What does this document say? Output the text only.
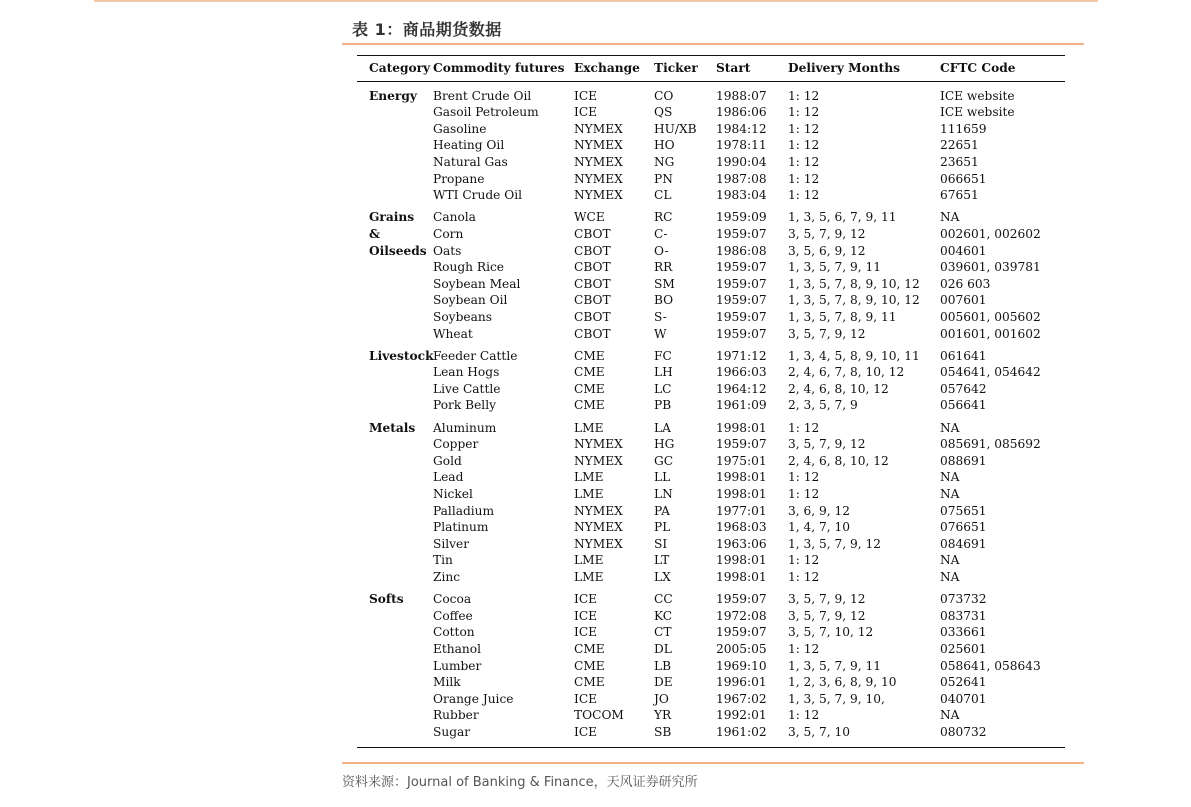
表 1：商品期货数据
Category	Commodity futures	Exchange	Ticker	Start	Delivery Months	CFTC Code

Energy	Brent Crude Oil	ICE	CO	1988:07	1: 12	ICE website
	Gasoil Petroleum	ICE	QS	1986:06	1: 12	ICE website
	Gasoline	NYMEX	HU/XB	1984:12	1: 12	111659
	Heating Oil	NYMEX	HO	1978:11	1: 12	22651
	Natural Gas	NYMEX	NG	1990:04	1: 12	23651
	Propane	NYMEX	PN	1987:08	1: 12	066651
	WTI Crude Oil	NYMEX	CL	1983:04	1: 12	67651

Grains	Canola	WCE	RC	1959:09	1, 3, 5, 6, 7, 9, 11	NA
&	Corn	CBOT	C-	1959:07	3, 5, 7, 9, 12	002601, 002602
Oilseeds	Oats	CBOT	O-	1986:08	3, 5, 6, 9, 12	004601
	Rough Rice	CBOT	RR	1959:07	1, 3, 5, 7, 9, 11	039601, 039781
	Soybean Meal	CBOT	SM	1959:07	1, 3, 5, 7, 8, 9, 10, 12	026 603
	Soybean Oil	CBOT	BO	1959:07	1, 3, 5, 7, 8, 9, 10, 12	007601
	Soybeans	CBOT	S-	1959:07	1, 3, 5, 7, 8, 9, 11	005601, 005602
	Wheat	CBOT	W	1959:07	3, 5, 7, 9, 12	001601, 001602

Livestock	Feeder Cattle	CME	FC	1971:12	1, 3, 4, 5, 8, 9, 10, 11	061641
	Lean Hogs	CME	LH	1966:03	2, 4, 6, 7, 8, 10, 12	054641, 054642
	Live Cattle	CME	LC	1964:12	2, 4, 6, 8, 10, 12	057642
	Pork Belly	CME	PB	1961:09	2, 3, 5, 7, 9	056641

Metals	Aluminum	LME	LA	1998:01	1: 12	NA
	Copper	NYMEX	HG	1959:07	3, 5, 7, 9, 12	085691, 085692
	Gold	NYMEX	GC	1975:01	2, 4, 6, 8, 10, 12	088691
	Lead	LME	LL	1998:01	1: 12	NA
	Nickel	LME	LN	1998:01	1: 12	NA
	Palladium	NYMEX	PA	1977:01	3, 6, 9, 12	075651
	Platinum	NYMEX	PL	1968:03	1, 4, 7, 10	076651
	Silver	NYMEX	SI	1963:06	1, 3, 5, 7, 9, 12	084691
	Tin	LME	LT	1998:01	1: 12	NA
	Zinc	LME	LX	1998:01	1: 12	NA

Softs	Cocoa	ICE	CC	1959:07	3, 5, 7, 9, 12	073732
	Coffee	ICE	KC	1972:08	3, 5, 7, 9, 12	083731
	Cotton	ICE	CT	1959:07	3, 5, 7, 10, 12	033661
	Ethanol	CME	DL	2005:05	1: 12	025601
	Lumber	CME	LB	1969:10	1, 3, 5, 7, 9, 11	058641, 058643
	Milk	CME	DE	1996:01	1, 2, 3, 6, 8, 9, 10	052641
	Orange Juice	ICE	JO	1967:02	1, 3, 5, 7, 9, 10,	040701
	Rubber	TOCOM	YR	1992:01	1: 12	NA
	Sugar	ICE	SB	1961:02	3, 5, 7, 10	080732
资料来源：Journal of Banking & Finance，天风证券研究所
